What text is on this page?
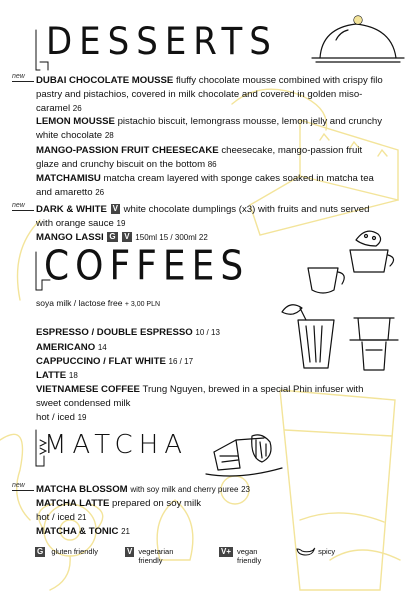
DESSERTS
COFFEES
MATCHA
new DUBAI CHOCOLATE MOUSSE fluffy chocolate mousse combined with crispy filo pastry and pistachios, covered in milk chocolate and covered in golden miso-caramel 26
LEMON MOUSSE pistachio biscuit, lemongrass mousse, lemon jelly and crunchy white chocolate 28
MANGO-PASSION FRUIT CHEESECAKE cheesecake, mango-passion fruit glaze and crunchy biscuit on the bottom 86
MATCHAMISU matcha cream layered with sponge cakes soaked in matcha tea and amaretto 26
new DARK & WHITE V white chocolate dumplings (x3) with fruits and nuts served with orange sauce 19
MANGO LASSI G V 150ml 15 / 300ml 22
soya milk / lactose free + 3,00 PLN
ESPRESSO / DOUBLE ESPRESSO 10 / 13
AMERICANO 14
CAPPUCCINO / FLAT WHITE 16 / 17
LATTE 18
VIETNAMESE COFFEE Trung Nguyen, brewed in a special Phin infuser with sweet condensed milk
hot / iced 19
new MATCHA BLOSSOM with soy milk and cherry puree 23
MATCHA LATTE prepared on soy milk
hot / iced 21
MATCHA & TONIC 21
G gluten friendly	V vegetarian friendly
V+ vegan friendly
spicy
